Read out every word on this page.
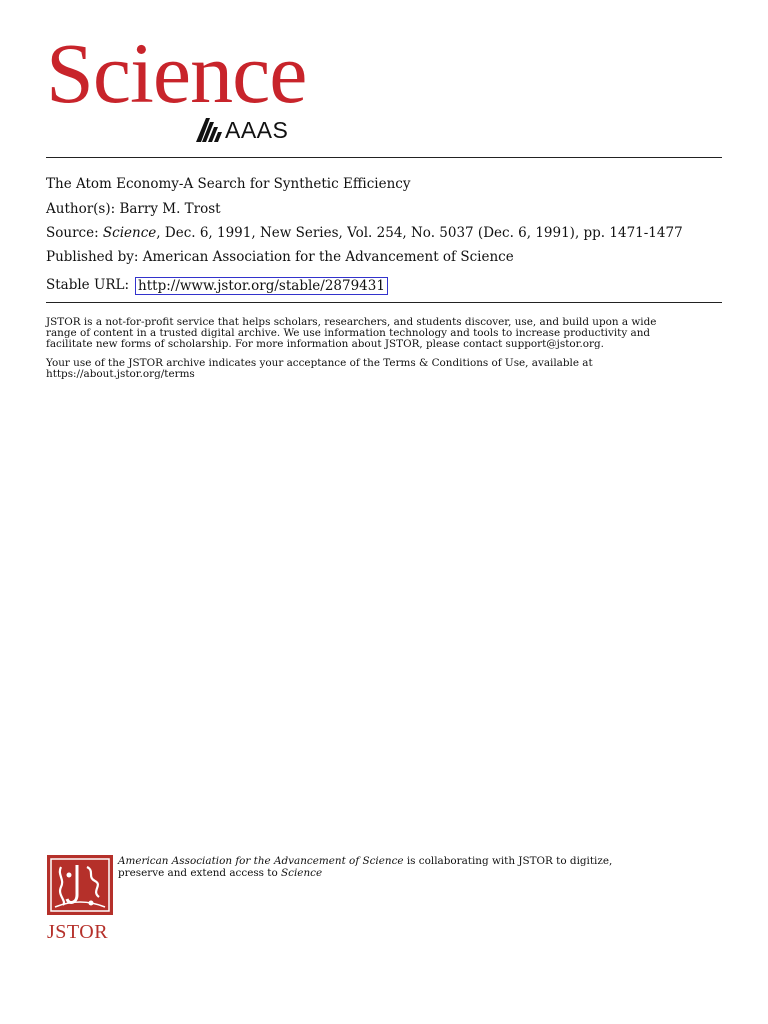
Science
AAAS
The Atom Economy-A Search for Synthetic Efficiency
Author(s):
Barry M. Trost
Source:
Science , Dec. 6, 1991, New Series, Vol. 254, No. 5037 (Dec. 6, 1991), pp. 1471-1477
Published by:
American Association for the Advancement of Science
Stable URL: http://www.jstor.org/stable/2879431

JSTOR is a not-for-profit service that helps scholars, researchers, and students discover, use, and build upon a wide
range of content in a trusted digital archive. We use information technology and tools to increase productivity and
facilitate new forms of scholarship. For more information about JSTOR, please contact support@jstor.org.

Your use of the JSTOR archive indicates your acceptance of the Terms & Conditions of Use, available at
https://about.jstor.org/terms

JSTOR

American Association for the Advancement of Science is collaborating with JSTOR to digitize,
preserve and extend access to Science
